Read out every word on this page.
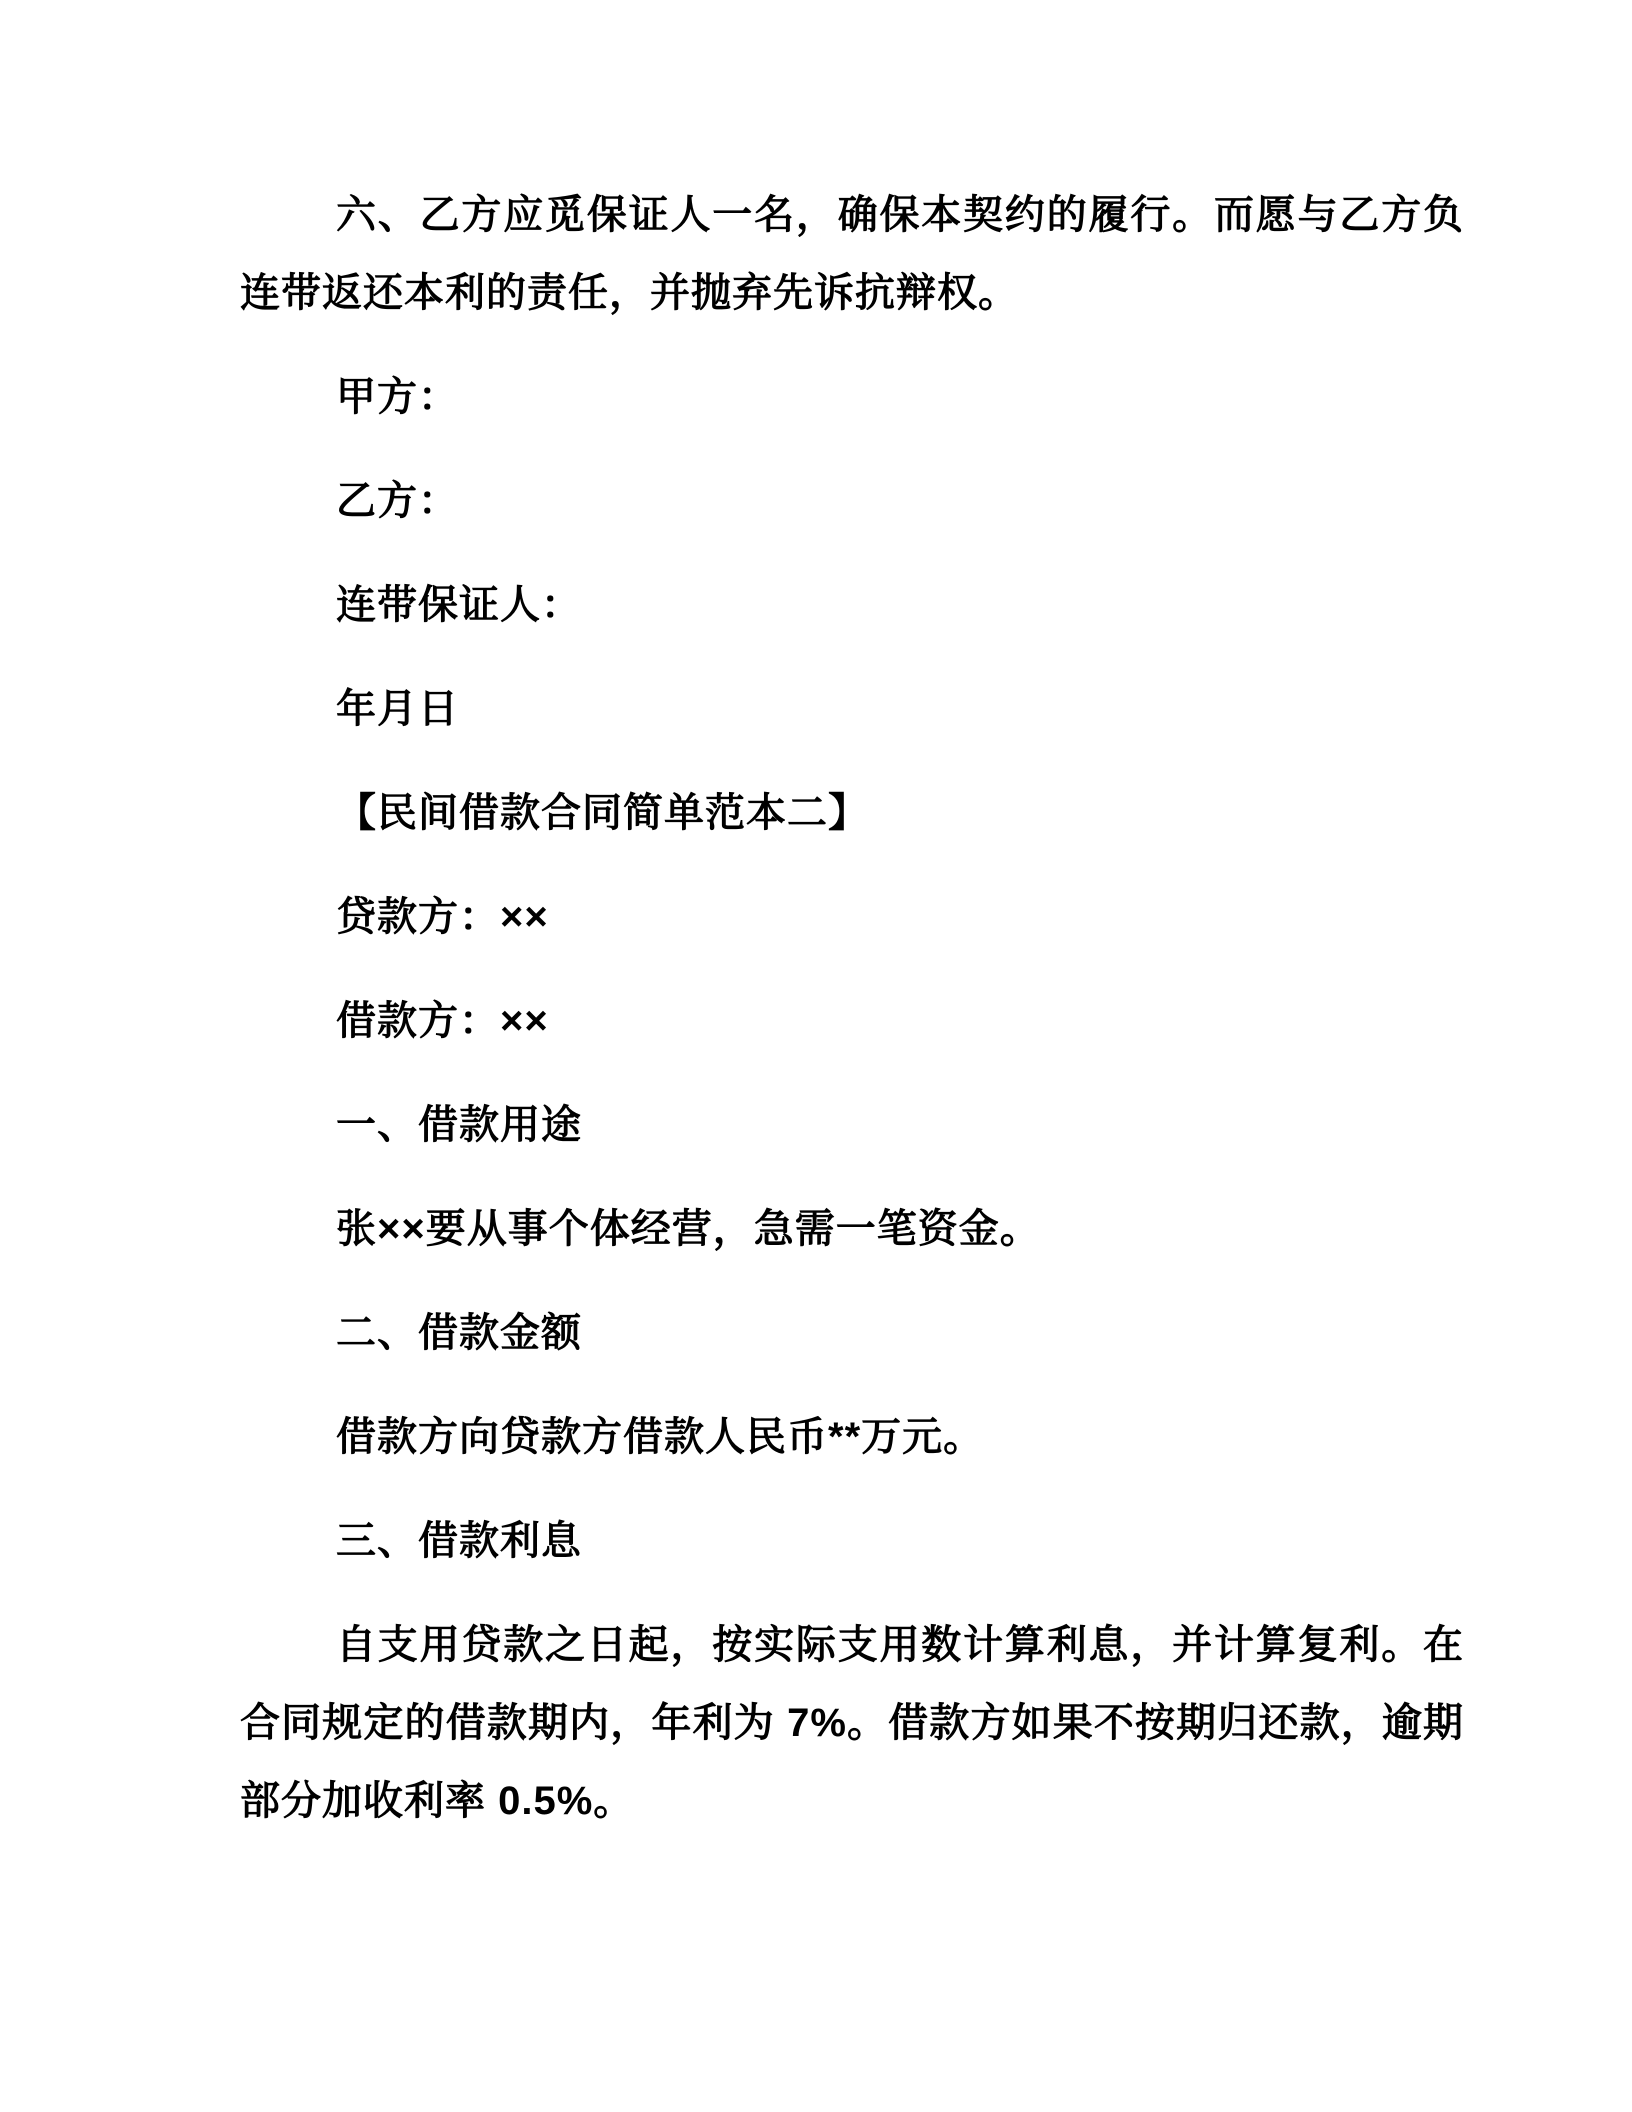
六、乙方应觅保证人一名，确保本契约的履行。而愿与乙方负连带返还本利的责任，并抛弃先诉抗辩权。

甲方：

乙方：

连带保证人：

年月日

【民间借款合同简单范本二】

贷款方：××

借款方：××

一、借款用途

张××要从事个体经营，急需一笔资金。

二、借款金额

借款方向贷款方借款人民币**万元。

三、借款利息

自支用贷款之日起，按实际支用数计算利息，并计算复利。在合同规定的借款期内，年利为 7%。借款方如果不按期归还款，逾期部分加收利率 0.5%。
